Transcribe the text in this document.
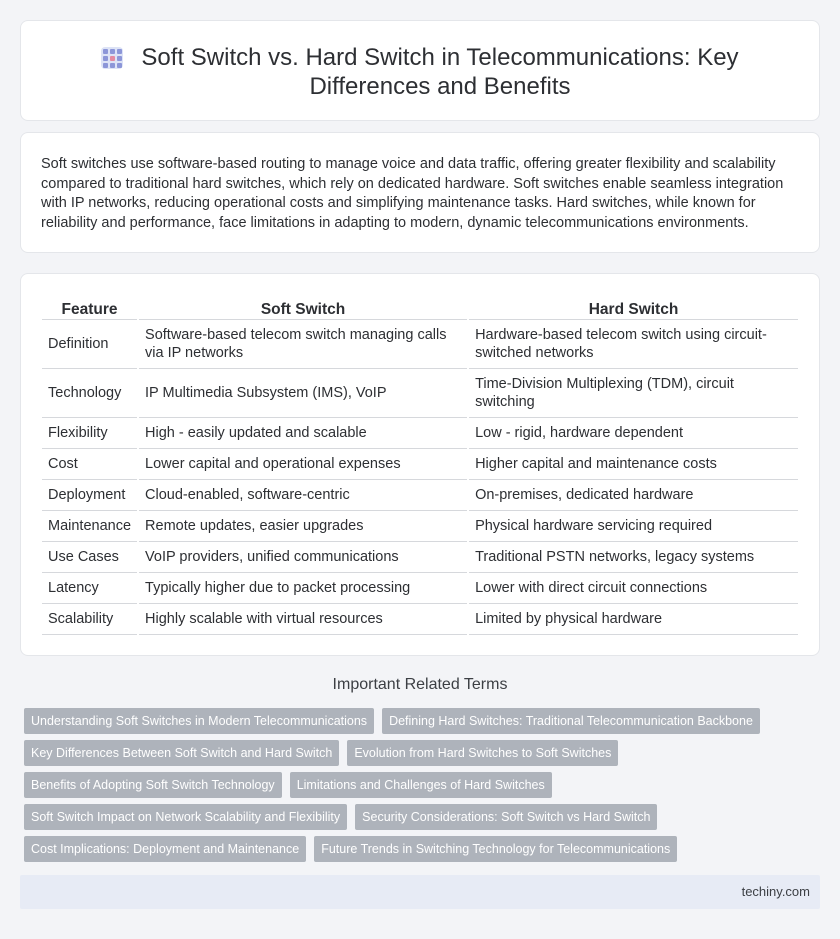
Soft Switch vs. Hard Switch in Telecommunications: Key Differences and Benefits

Soft switches use software-based routing to manage voice and data traffic, offering greater flexibility and scalability compared to traditional hard switches, which rely on dedicated hardware. Soft switches enable seamless integration with IP networks, reducing operational costs and simplifying maintenance tasks. Hard switches, while known for reliability and performance, face limitations in adapting to modern, dynamic telecommunications environments.

Feature	Soft Switch	Hard Switch
Definition	Software-based telecom switch managing calls via IP networks	Hardware-based telecom switch using circuit-switched networks
Technology	IP Multimedia Subsystem (IMS), VoIP	Time-Division Multiplexing (TDM), circuit switching
Flexibility	High - easily updated and scalable	Low - rigid, hardware dependent
Cost	Lower capital and operational expenses	Higher capital and maintenance costs
Deployment	Cloud-enabled, software-centric	On-premises, dedicated hardware
Maintenance	Remote updates, easier upgrades	Physical hardware servicing required
Use Cases	VoIP providers, unified communications	Traditional PSTN networks, legacy systems
Latency	Typically higher due to packet processing	Lower with direct circuit connections
Scalability	Highly scalable with virtual resources	Limited by physical hardware
Important Related Terms
Understanding Soft Switches in Modern Telecommunications	Defining Hard Switches: Traditional Telecommunication Backbone
Key Differences Between Soft Switch and Hard Switch	Evolution from Hard Switches to Soft Switches
Benefits of Adopting Soft Switch Technology	Limitations and Challenges of Hard Switches
Soft Switch Impact on Network Scalability and Flexibility	Security Considerations: Soft Switch vs Hard Switch
Cost Implications: Deployment and Maintenance	Future Trends in Switching Technology for Telecommunications
techiny.com
